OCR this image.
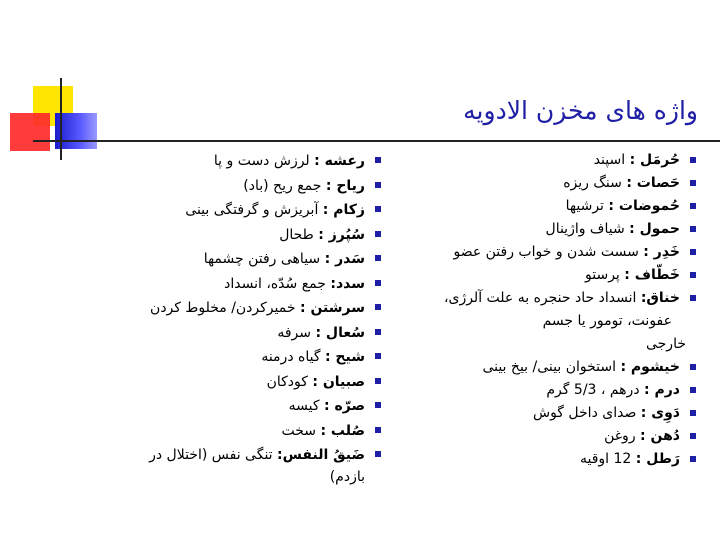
واژه های مخزن الادویه
حُرمَل : اسپند
حَصات : سنگ ریزه
حُموضات : ترشیها
حمول : شیاف واژینال
خَدِر : سست شدن و خواب رفتن عضو
خَطّاف : پرستو
خناق: انسداد حاد حنجره به علت آلرژی،
عفونت، تومور یا جسم
خارجی
خیشوم : استخوان بینی/ بیخ بینی
درم : درهم ، 5/3 گرم
دَوِی : صدای داخل گوش
دُهن : روغن
رَطل : 12 اوقیه
رعشه : لرزش دست و پا
ریاح : جمع ریح (باد)
زکام : آبریزش و گرفتگی بینی
سُپُرز : طحال
سَدر : سیاهی رفتن چشمها
سدد: جمع سُدّه، انسداد
سرشتن : خمیرکردن/ مخلوط کردن
سُعال : سرفه
شیح : گیاه درمنه
صبیان : کودکان
صرّه : کیسه
صُلب : سخت
ضَیقُ النفس: تنگی نفس (اختلال در بازدم)
